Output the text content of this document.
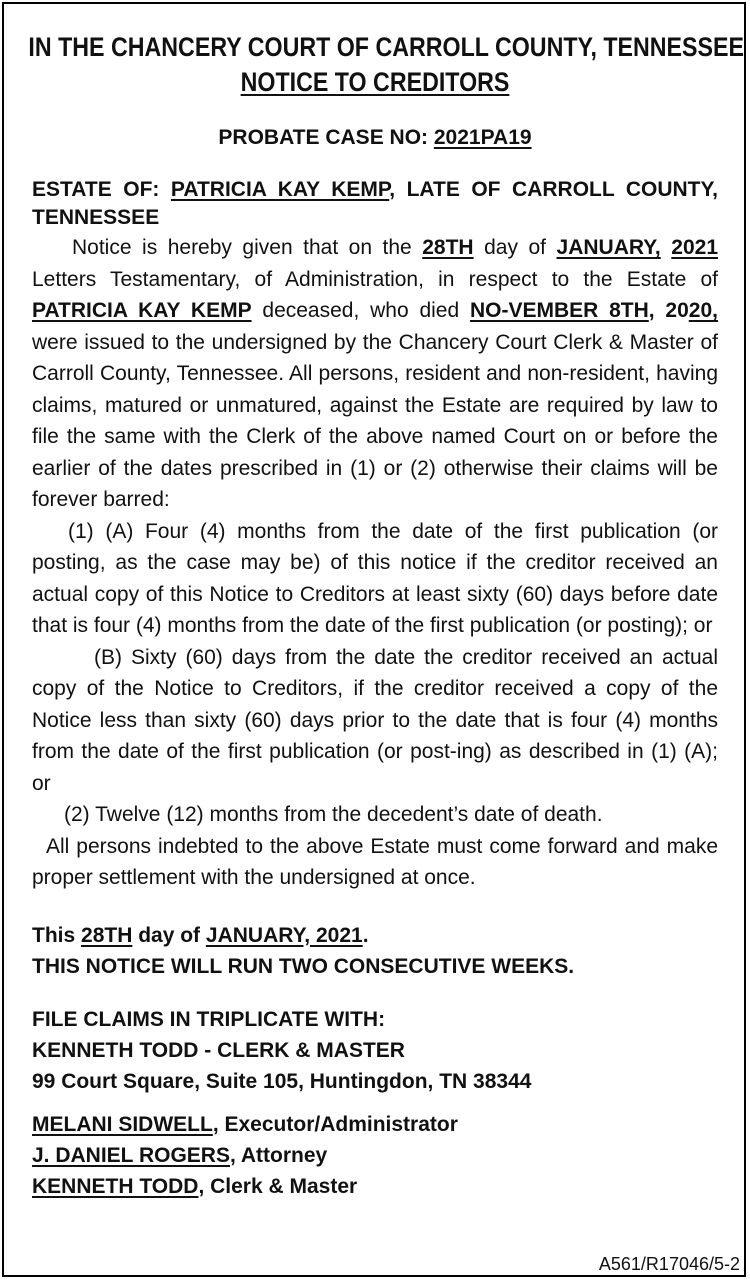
IN THE CHANCERY COURT OF CARROLL COUNTY, TENNESSEE
NOTICE TO CREDITORS
PROBATE CASE NO: 2021PA19
ESTATE OF: PATRICIA KAY KEMP, LATE OF CARROLL COUNTY, TENNESSEE

Notice is hereby given that on the 28TH day of JANUARY, 2021 Letters Testamentary, of Administration, in respect to the Estate of PATRICIA KAY KEMP deceased, who died NO-VEMBER 8TH, 2020, were issued to the undersigned by the Chancery Court Clerk & Master of Carroll County, Tennessee. All persons, resident and non-resident, having claims, matured or unmatured, against the Estate are required by law to file the same with the Clerk of the above named Court on or before the earlier of the dates prescribed in (1) or (2) otherwise their claims will be forever barred:

(1) (A) Four (4) months from the date of the first publication (or posting, as the case may be) of this notice if the creditor received an actual copy of this Notice to Creditors at least sixty (60) days before date that is four (4) months from the date of the first publication (or posting); or

(B) Sixty (60) days from the date the creditor received an actual copy of the Notice to Creditors, if the creditor received a copy of the Notice less than sixty (60) days prior to the date that is four (4) months from the date of the first publication (or post-ing) as described in (1) (A); or

(2) Twelve (12) months from the decedent’s date of death.

All persons indebted to the above Estate must come forward and make proper settlement with the undersigned at once.

This 28TH day of JANUARY, 2021.
THIS NOTICE WILL RUN TWO CONSECUTIVE WEEKS.
FILE CLAIMS IN TRIPLICATE WITH:
KENNETH TODD - CLERK & MASTER
99 Court Square, Suite 105, Huntingdon, TN 38344
MELANI SIDWELL, Executor/Administrator
J. DANIEL ROGERS, Attorney
KENNETH TODD, Clerk & Master
A561/R17046/5-2
